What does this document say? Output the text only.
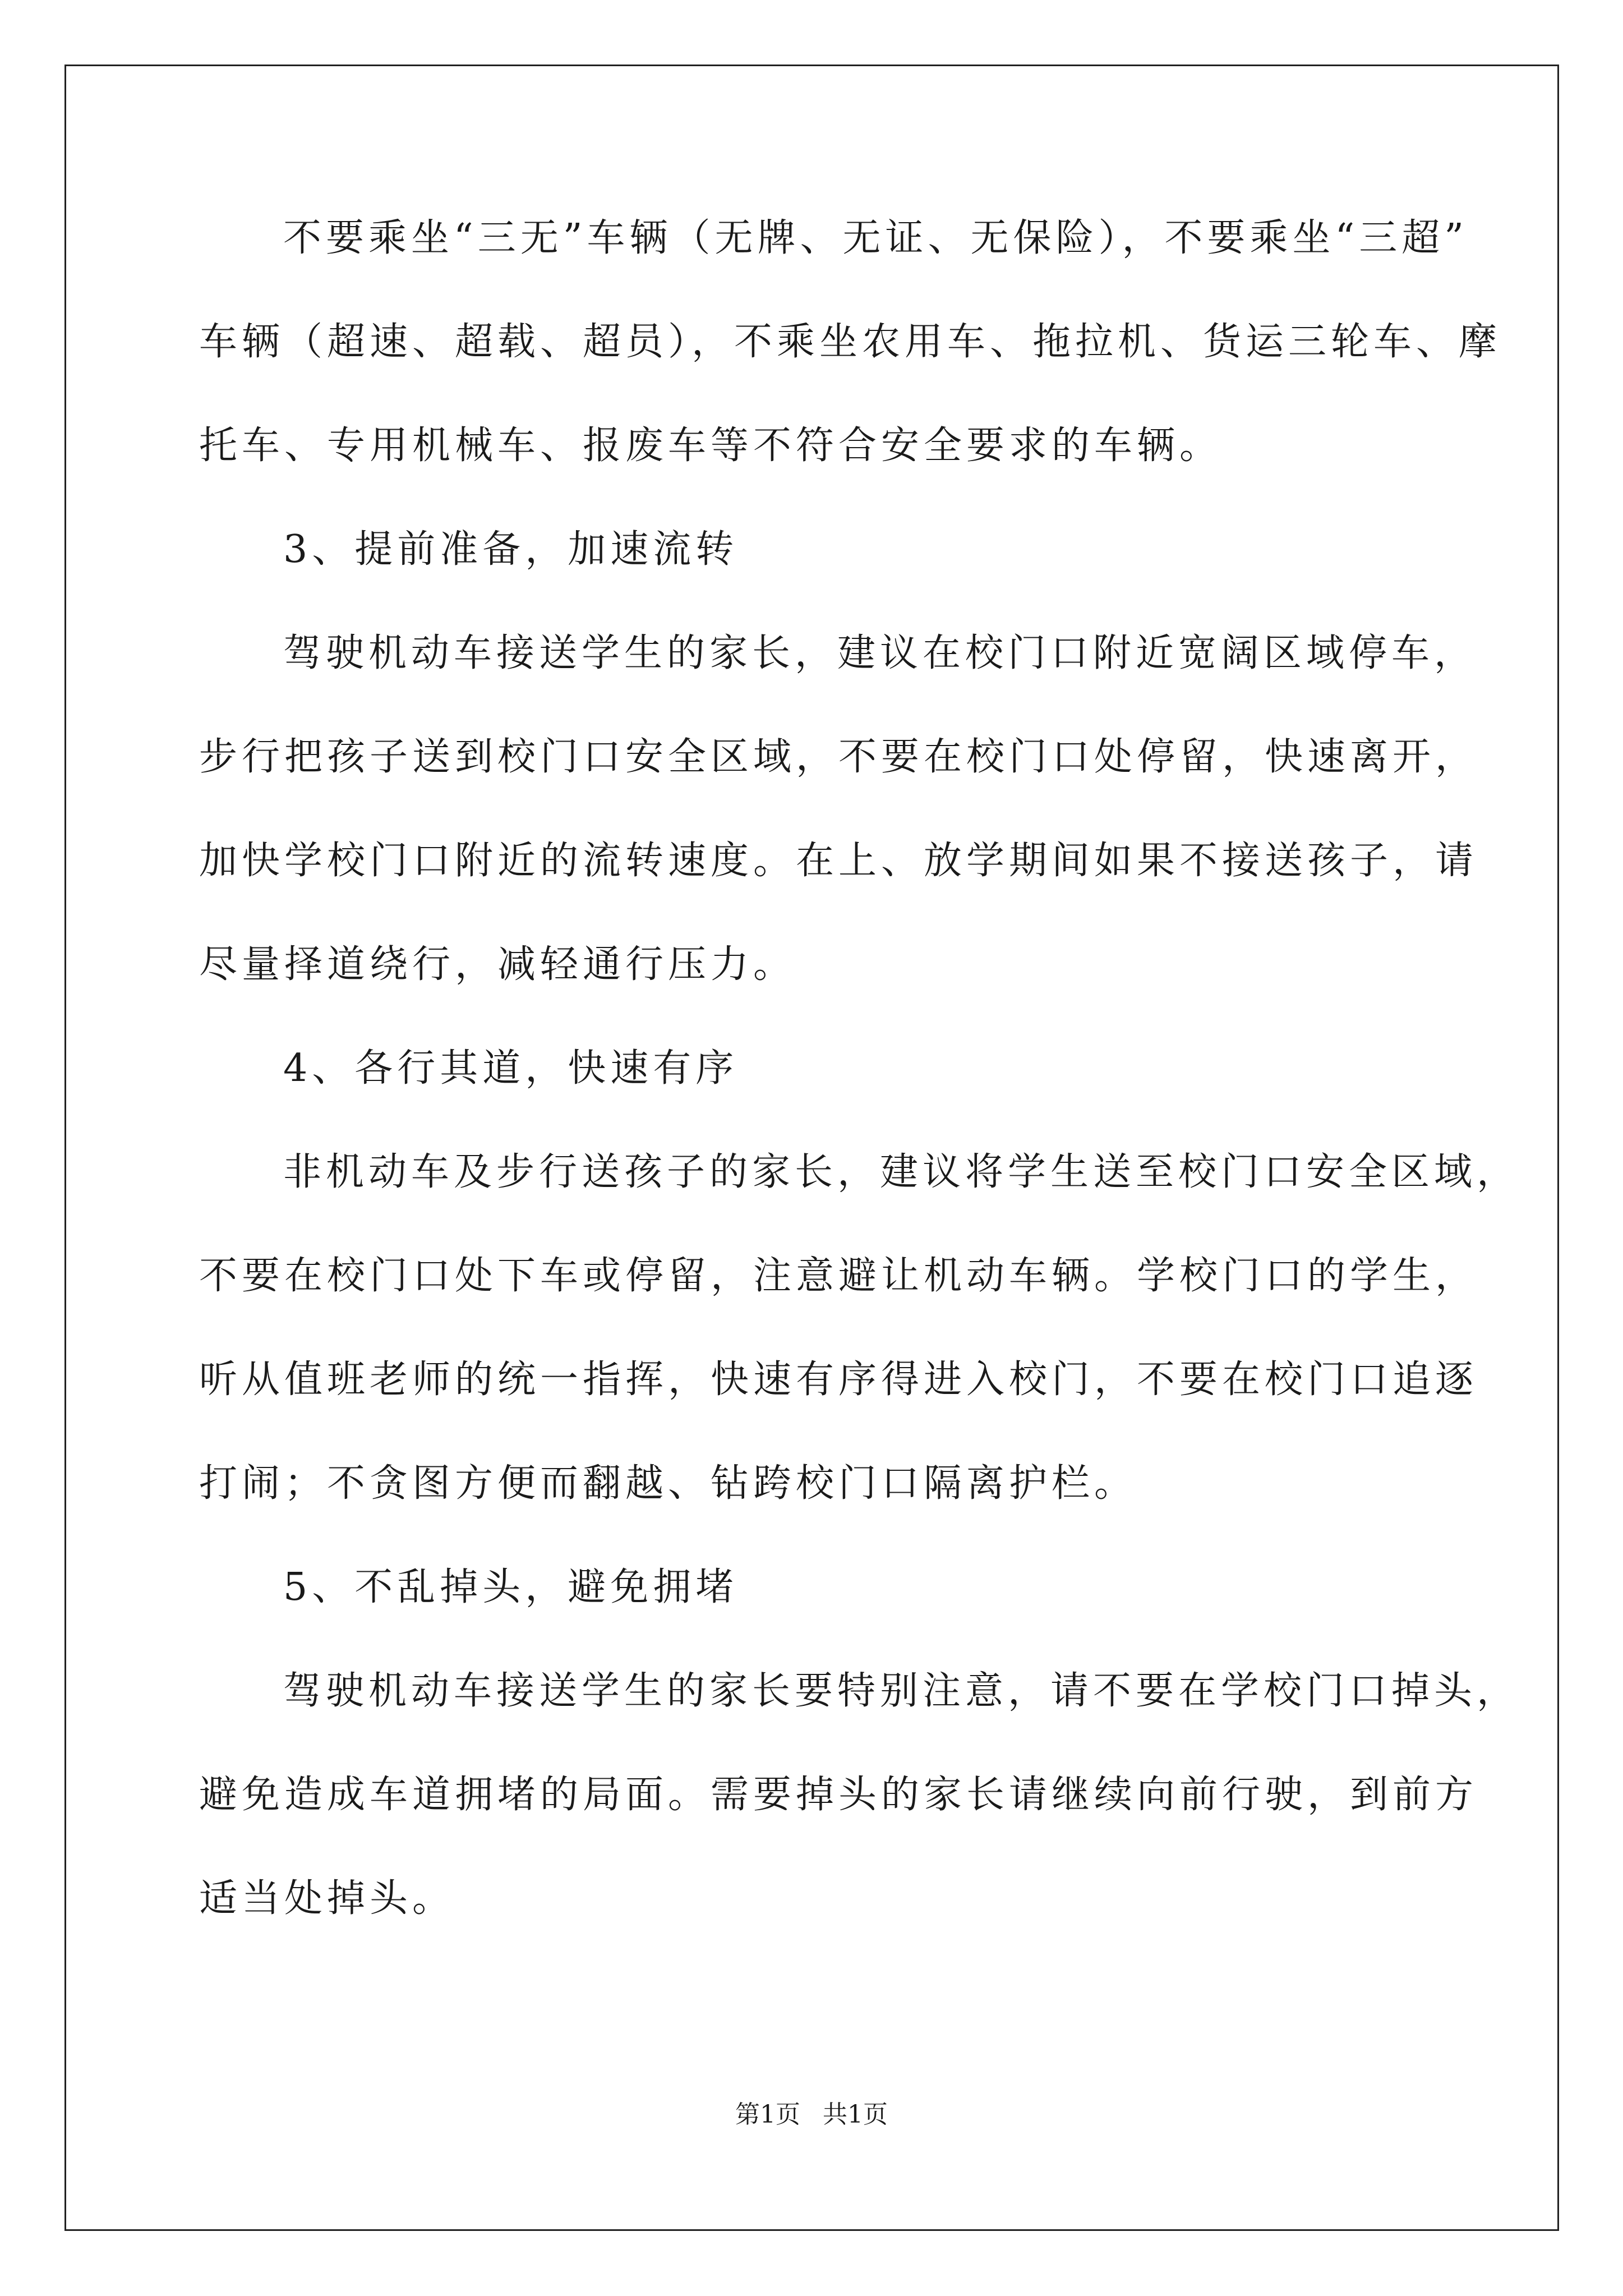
不要乘坐“三无”车辆（无牌、无证、无保险），不要乘坐“三超”
车辆（超速、超载、超员），不乘坐农用车、拖拉机、货运三轮车、摩
托车、专用机械车、报废车等不符合安全要求的车辆。
3、提前准备，加速流转
驾驶机动车接送学生的家长，建议在校门口附近宽阔区域停车，
步行把孩子送到校门口安全区域，不要在校门口处停留，快速离开，
加快学校门口附近的流转速度。在上、放学期间如果不接送孩子，请
尽量择道绕行，减轻通行压力。
4、各行其道，快速有序
非机动车及步行送孩子的家长，建议将学生送至校门口安全区域，
不要在校门口处下车或停留，注意避让机动车辆。学校门口的学生，
听从值班老师的统一指挥，快速有序得进入校门，不要在校门口追逐
打闹；不贪图方便而翻越、钻跨校门口隔离护栏。
5、不乱掉头，避免拥堵
驾驶机动车接送学生的家长要特别注意，请不要在学校门口掉头，
避免造成车道拥堵的局面。需要掉头的家长请继续向前行驶，到前方
适当处掉头。
第1页 共1页
